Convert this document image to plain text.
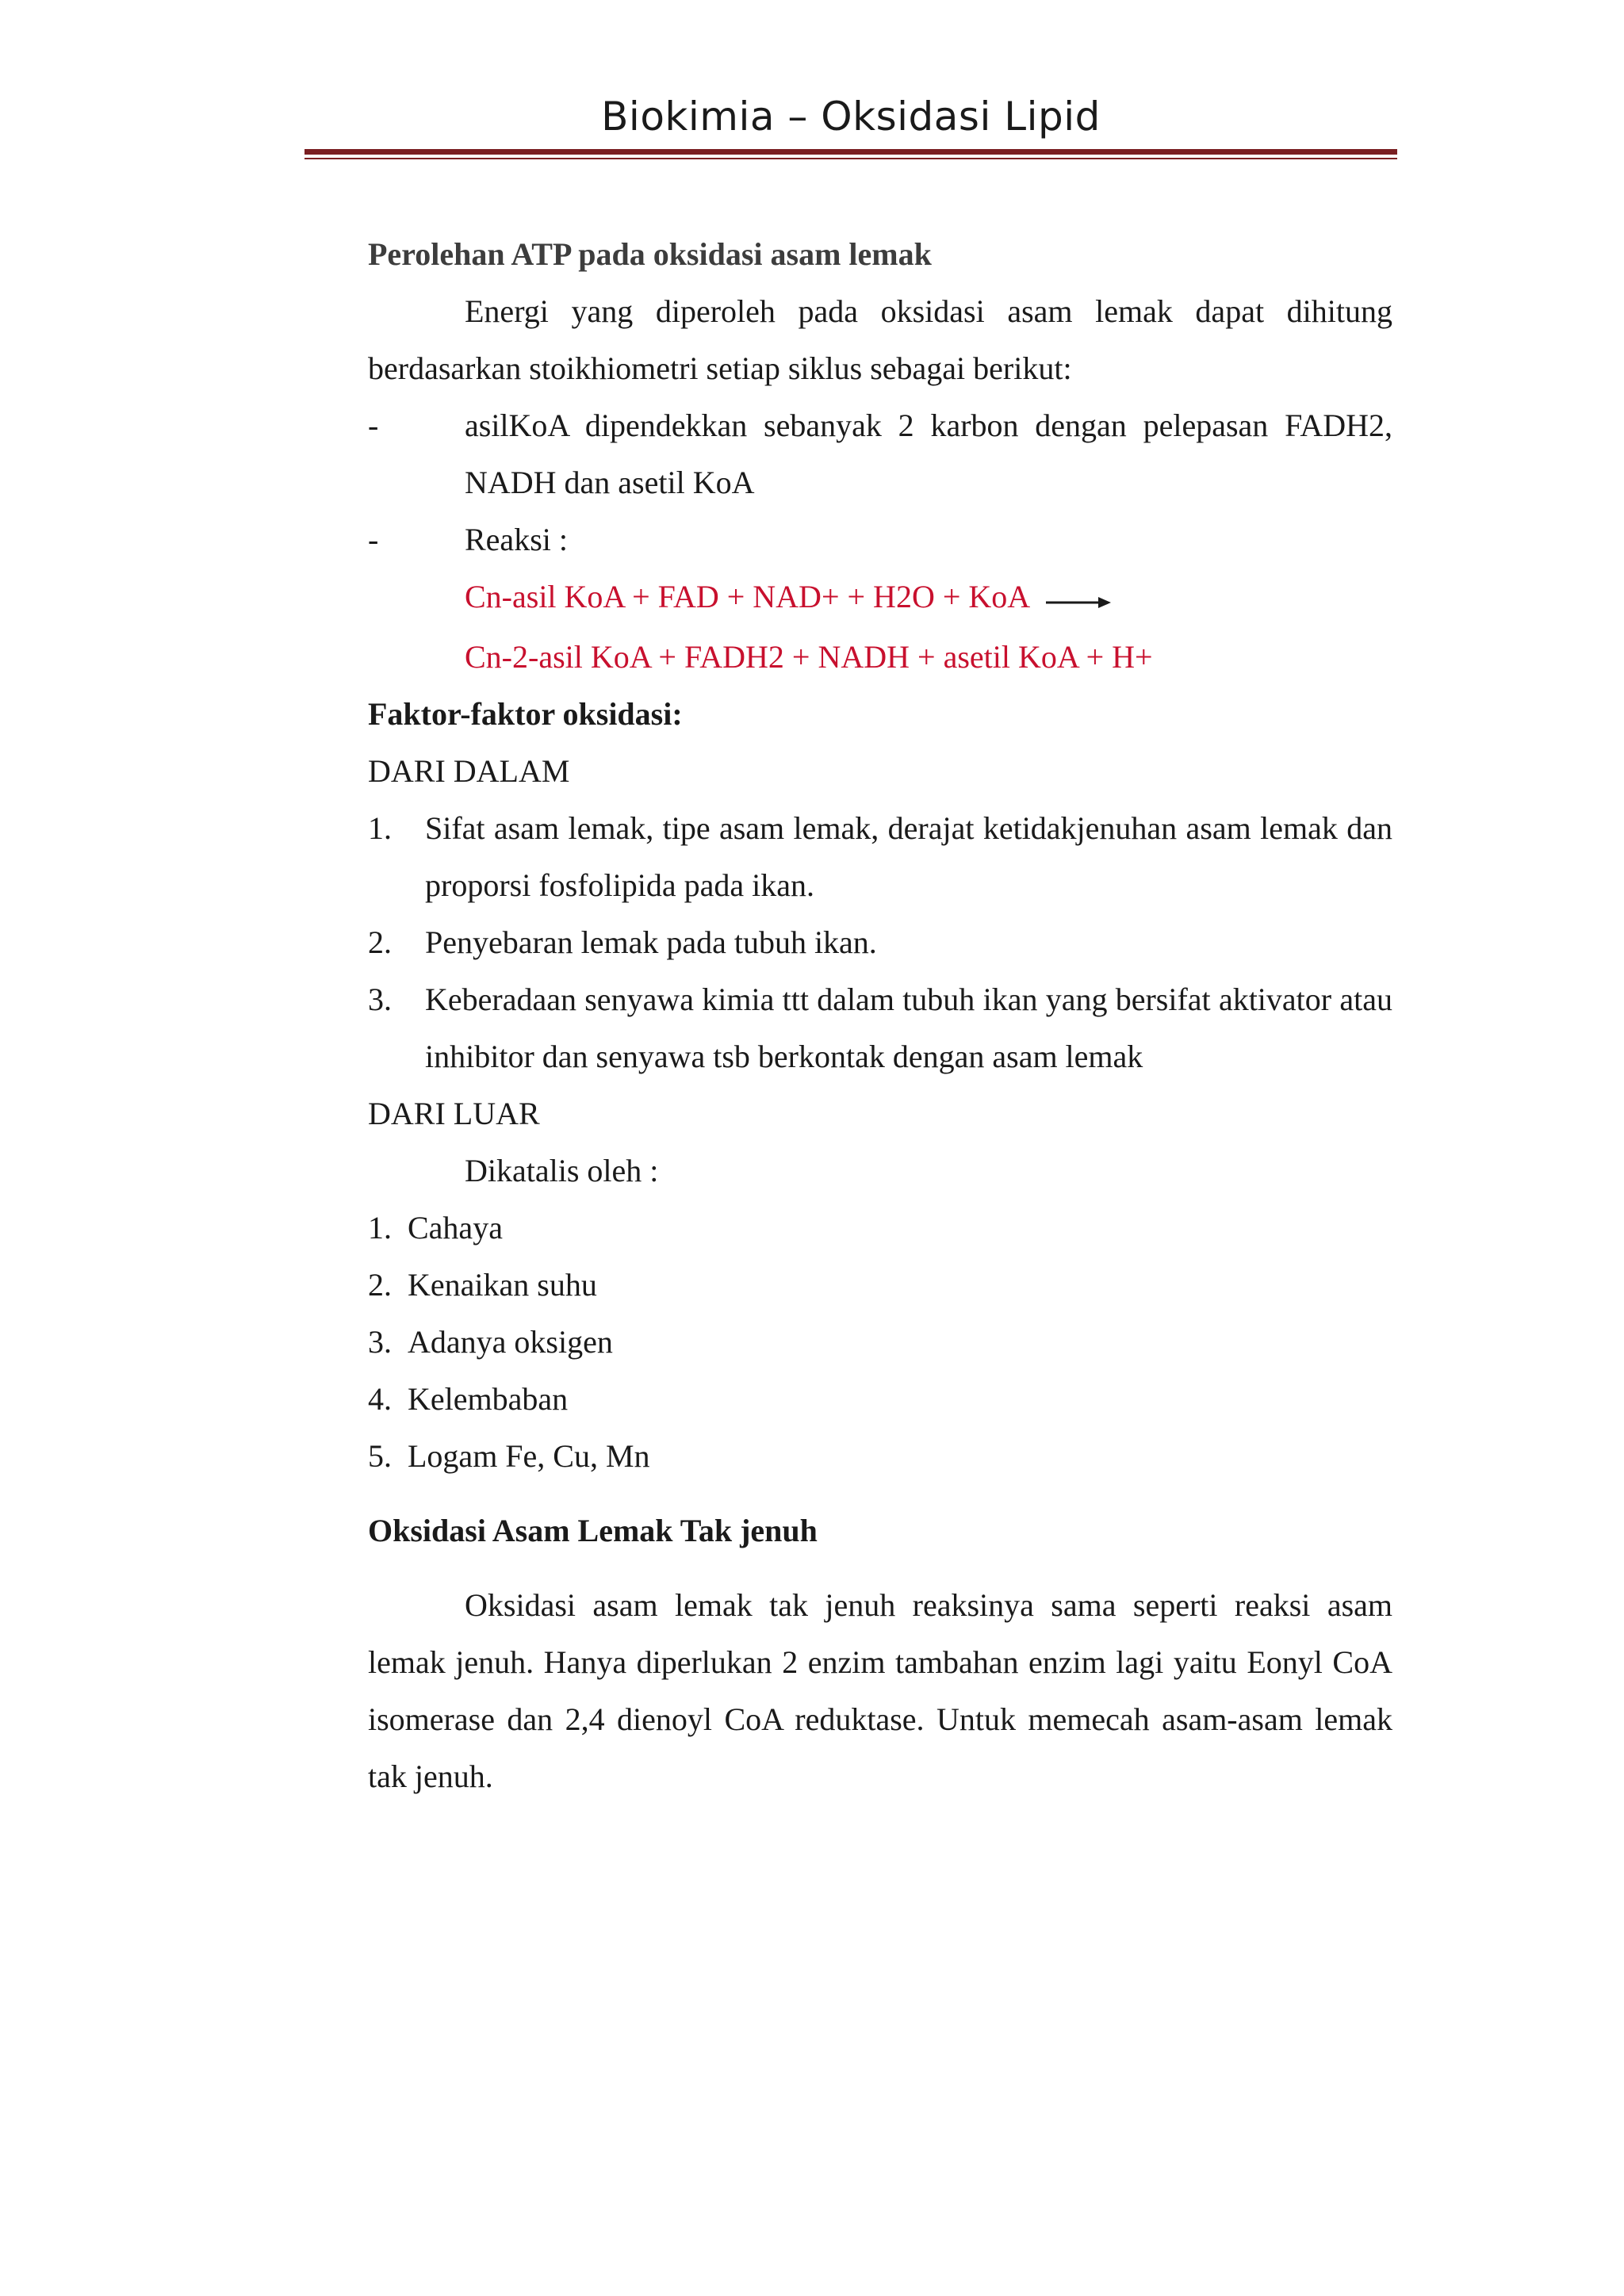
Biokimia – Oksidasi Lipid

Perolehan ATP pada oksidasi asam lemak

Energi yang diperoleh pada oksidasi asam lemak dapat dihitung berdasarkan stoikhiometri setiap siklus sebagai berikut:

-	asilKoA dipendekkan sebanyak 2 karbon dengan pelepasan FADH2, NADH dan asetil KoA
-	Reaksi :

Cn-asil KoA + FAD + NAD+ + H2O + KoA

Cn-2-asil KoA + FADH2 + NADH + asetil KoA + H+

Faktor-faktor oksidasi:

DARI DALAM

1.	Sifat asam lemak, tipe asam lemak, derajat ketidakjenuhan asam lemak dan proporsi fosfolipida pada ikan.
2.	Penyebaran lemak pada tubuh ikan.
3.	Keberadaan senyawa kimia ttt dalam tubuh ikan yang bersifat aktivator atau inhibitor dan senyawa tsb berkontak dengan asam lemak

DARI LUAR

Dikatalis oleh :

1. Cahaya
2. Kenaikan suhu
3. Adanya oksigen
4. Kelembaban
5. Logam Fe, Cu, Mn

Oksidasi Asam Lemak Tak jenuh

Oksidasi asam lemak tak jenuh reaksinya sama seperti reaksi asam lemak jenuh. Hanya diperlukan 2 enzim tambahan enzim lagi yaitu Eonyl CoA isomerase dan 2,4 dienoyl CoA reduktase. Untuk memecah asam-asam lemak tak jenuh.
